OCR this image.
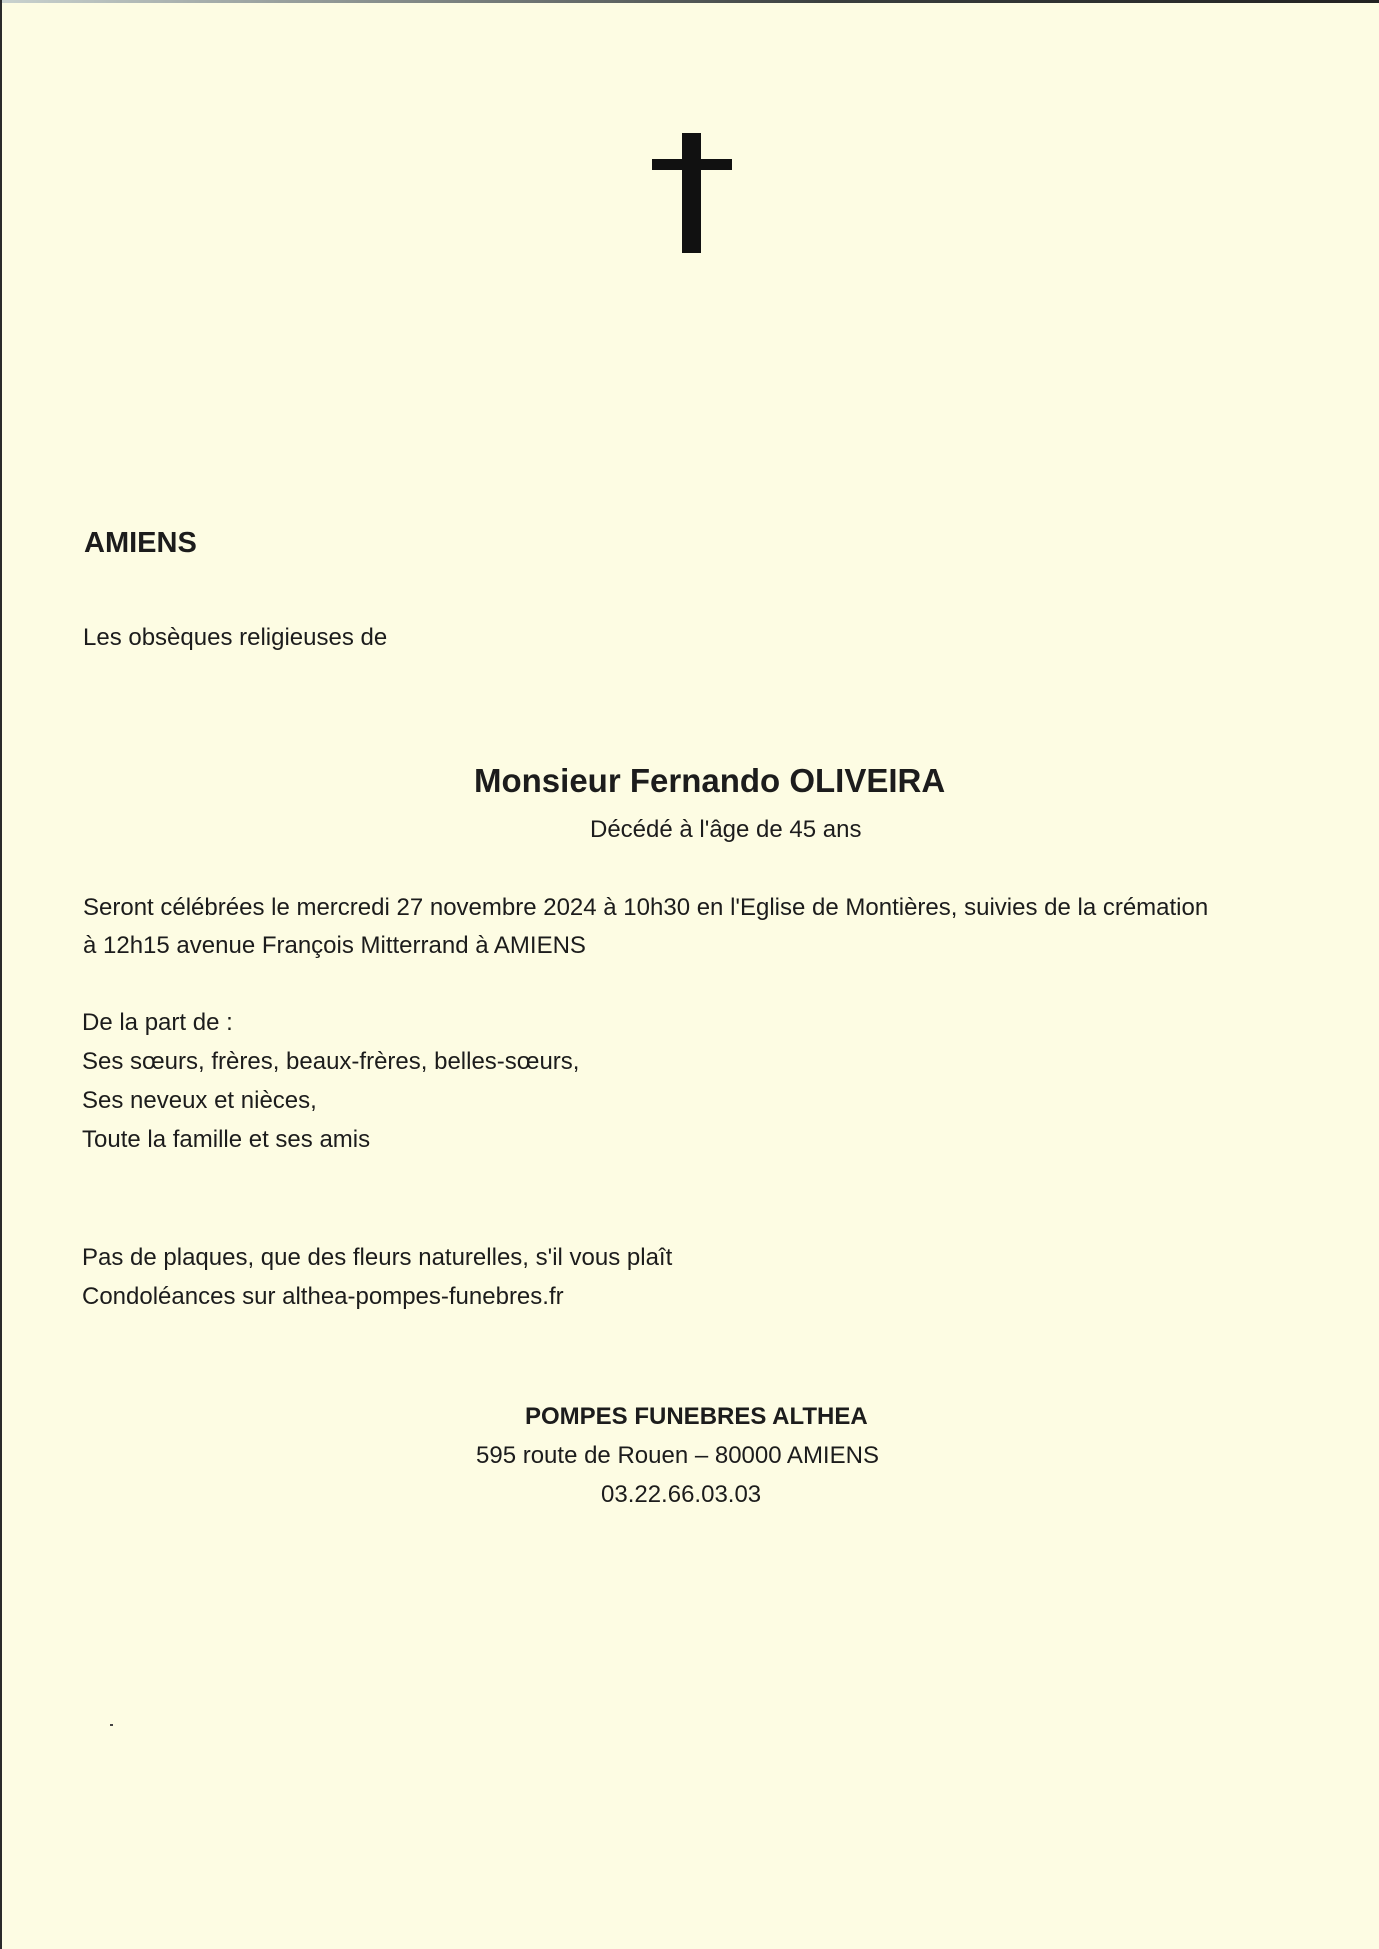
AMIENS
Les obsèques religieuses de
Monsieur Fernando OLIVEIRA
Décédé à l'âge de 45 ans
Seront célébrées le mercredi 27 novembre 2024 à 10h30 en l'Eglise de Montières, suivies de la crémation
à 12h15 avenue François Mitterrand à AMIENS
De la part de :
Ses sœurs, frères, beaux-frères, belles-sœurs,
Ses neveux et nièces,
Toute la famille et ses amis
Pas de plaques, que des fleurs naturelles, s'il vous plaît
Condoléances sur althea-pompes-funebres.fr
POMPES FUNEBRES ALTHEA
595 route de Rouen – 80000 AMIENS
03.22.66.03.03
